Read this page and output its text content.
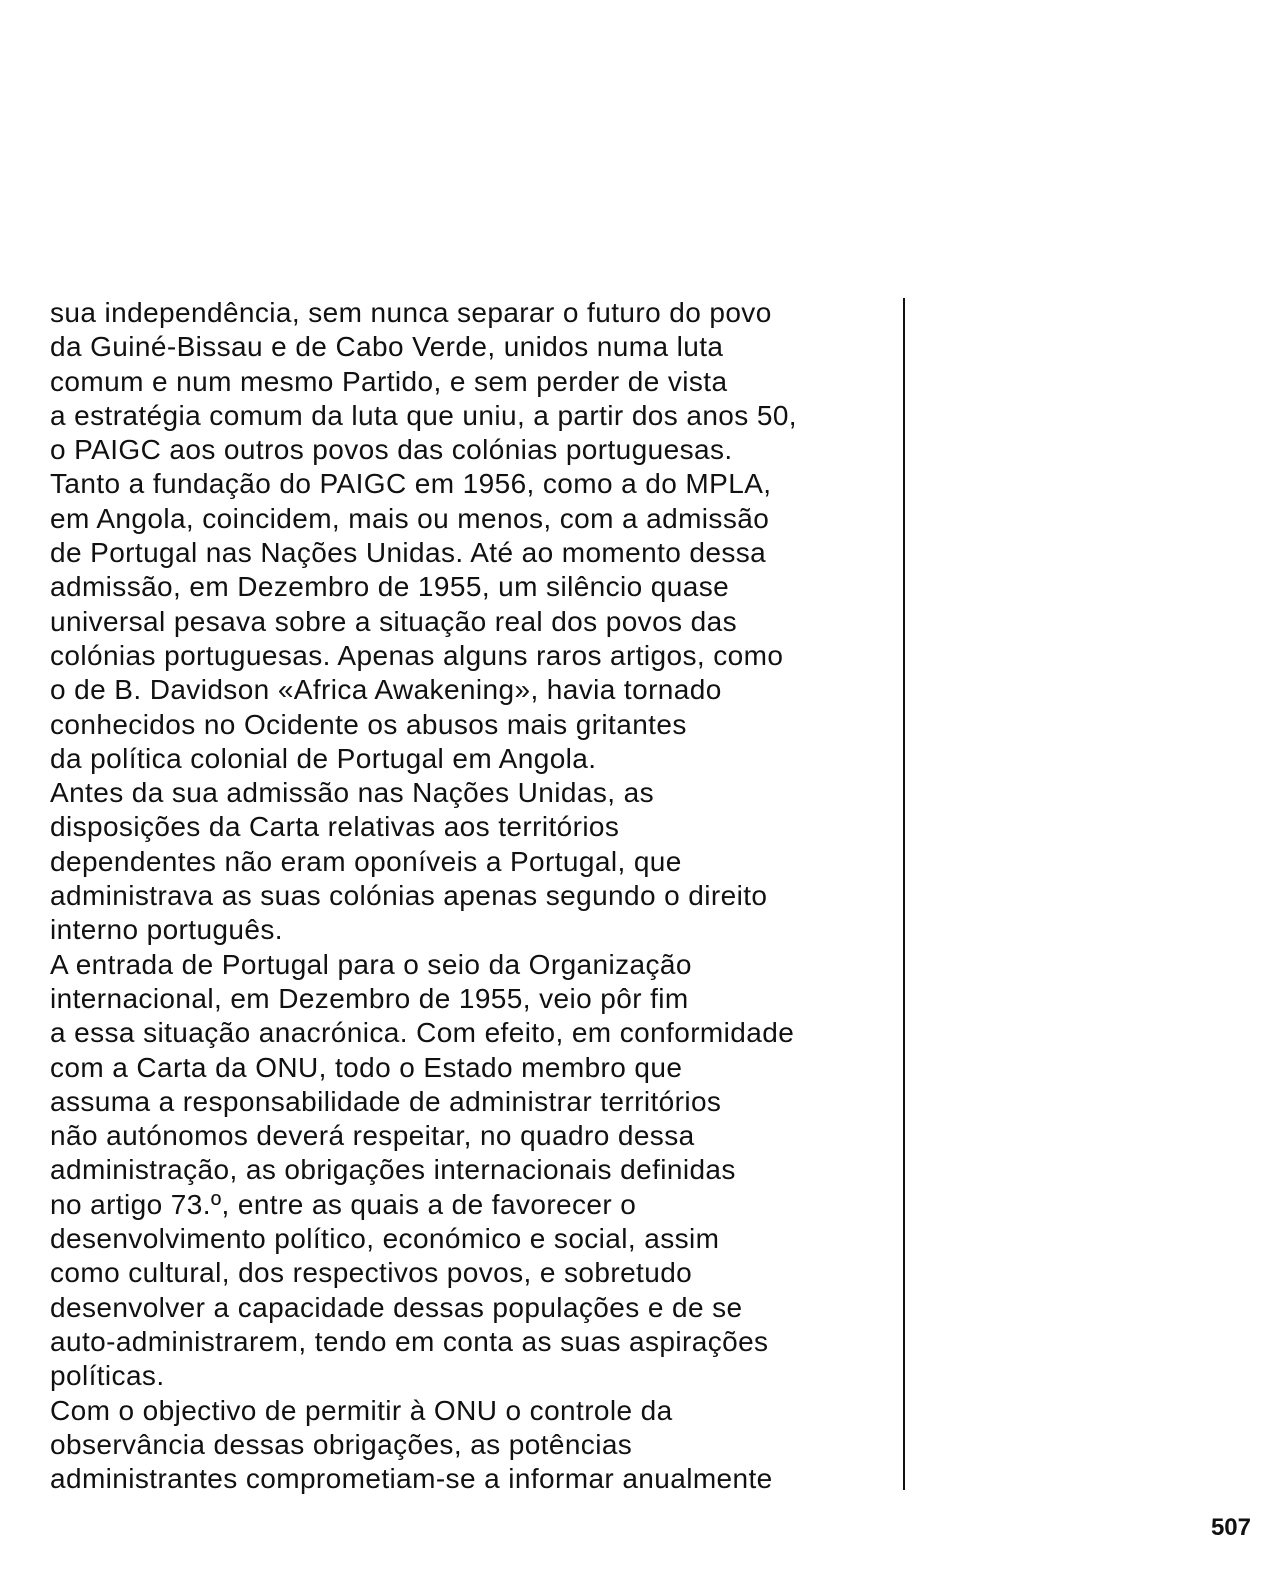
sua independência, sem nunca separar o futuro do povo
da Guiné-Bissau e de Cabo Verde, unidos numa luta
comum e num mesmo Partido, e sem perder de vista
a estratégia comum da luta que uniu, a partir dos anos 50,
o PAIGC aos outros povos das colónias portuguesas.
Tanto a fundação do PAIGC em 1956, como a do MPLA,
em Angola, coincidem, mais ou menos, com a admissão
de Portugal nas Nações Unidas. Até ao momento dessa
admissão, em Dezembro de 1955, um silêncio quase
universal pesava sobre a situação real dos povos das
colónias portuguesas. Apenas alguns raros artigos, como
o de B. Davidson «Africa Awakening», havia tornado
conhecidos no Ocidente os abusos mais gritantes
da política colonial de Portugal em Angola.
Antes da sua admissão nas Nações Unidas, as
disposições da Carta relativas aos territórios
dependentes não eram oponíveis a Portugal, que
administrava as suas colónias apenas segundo o direito
interno português.
A entrada de Portugal para o seio da Organização
internacional, em Dezembro de 1955, veio pôr fim
a essa situação anacrónica. Com efeito, em conformidade
com a Carta da ONU, todo o Estado membro que
assuma a responsabilidade de administrar territórios
não autónomos deverá respeitar, no quadro dessa
administração, as obrigações internacionais definidas
no artigo 73.º, entre as quais a de favorecer o
desenvolvimento político, económico e social, assim
como cultural, dos respectivos povos, e sobretudo
desenvolver a capacidade dessas populações e de se
auto-administrarem, tendo em conta as suas aspirações
políticas.
Com o objectivo de permitir à ONU o controle da
observância dessas obrigações, as potências
administrantes comprometiam-se a informar anualmente
507
